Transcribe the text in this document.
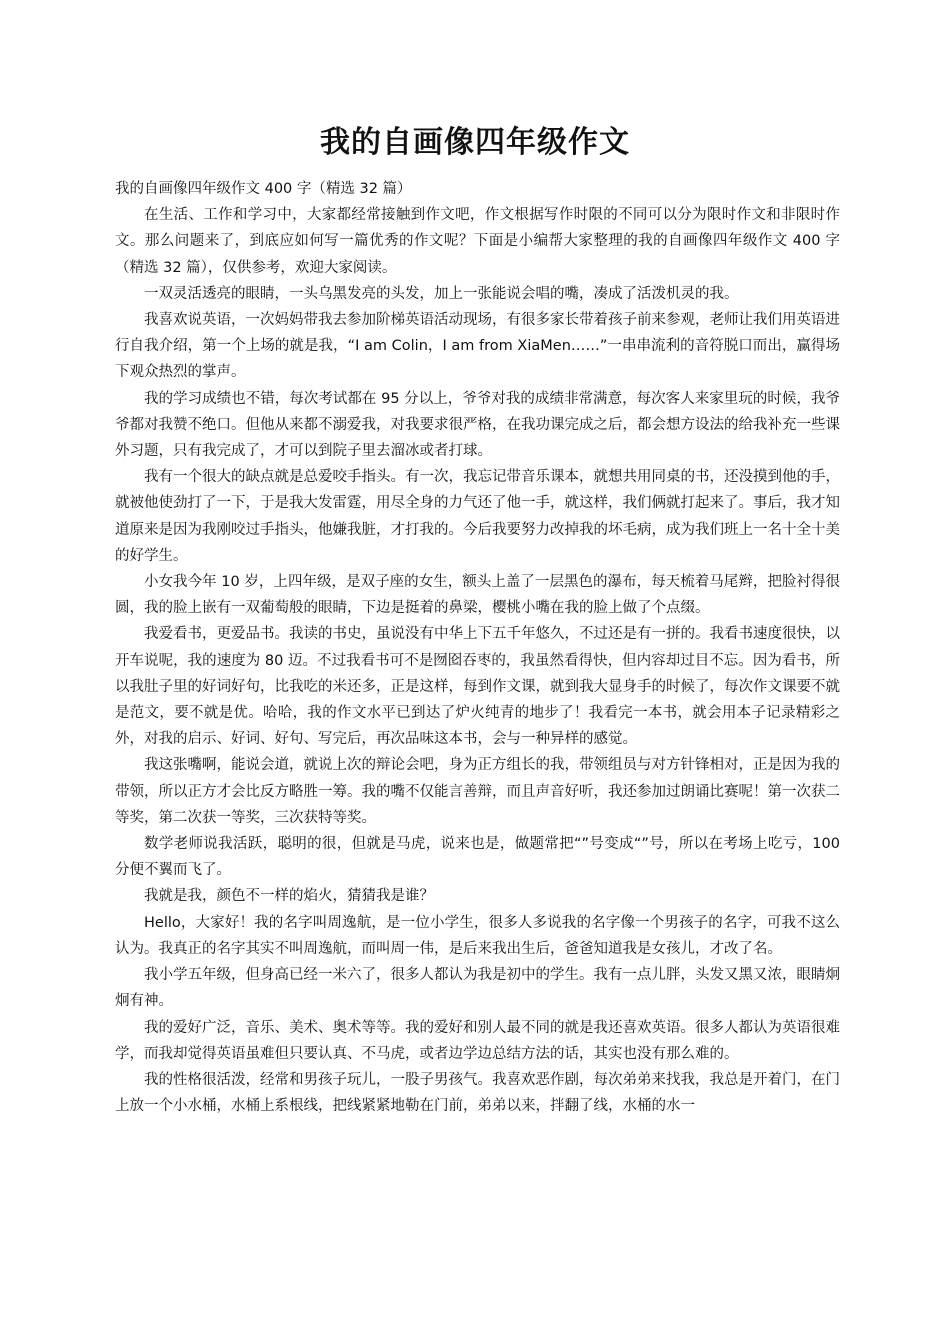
我的自画像四年级作文

我的自画像四年级作文 400 字（精选 32 篇）

在生活、工作和学习中，大家都经常接触到作文吧，作文根据写作时限的不同可以分为限时作文和非限时作文。那么问题来了，到底应如何写一篇优秀的作文呢？下面是小编帮大家整理的我的自画像四年级作文 400 字（精选 32 篇），仅供参考，欢迎大家阅读。

一双灵活透亮的眼睛，一头乌黑发亮的头发，加上一张能说会唱的嘴，凑成了活泼机灵的我。

我喜欢说英语，一次妈妈带我去参加阶梯英语活动现场，有很多家长带着孩子前来参观，老师让我们用英语进行自我介绍，第一个上场的就是我，“I am Colin，I am from XiaMen……”一串串流利的音符脱口而出，赢得场下观众热烈的掌声。

我的学习成绩也不错，每次考试都在 95 分以上，爷爷对我的成绩非常满意，每次客人来家里玩的时候，我爷爷都对我赞不绝口。但他从来都不溺爱我，对我要求很严格，在我功课完成之后，都会想方设法的给我补充一些课外习题，只有我完成了，才可以到院子里去溜冰或者打球。

我有一个很大的缺点就是总爱咬手指头。有一次，我忘记带音乐课本，就想共用同桌的书，还没摸到他的手，就被他使劲打了一下，于是我大发雷霆，用尽全身的力气还了他一手，就这样，我们俩就打起来了。事后，我才知道原来是因为我刚咬过手指头，他嫌我脏，才打我的。今后我要努力改掉我的坏毛病，成为我们班上一名十全十美的好学生。

小女我今年 10 岁，上四年级，是双子座的女生，额头上盖了一层黑色的瀑布，每天梳着马尾辫，把脸衬得很圆，我的脸上嵌有一双葡萄般的眼睛，下边是挺着的鼻梁，樱桃小嘴在我的脸上做了个点缀。

我爱看书，更爱品书。我读的书史，虽说没有中华上下五千年悠久，不过还是有一拼的。我看书速度很快，以开车说呢，我的速度为 80 迈。不过我看书可不是囫囵吞枣的，我虽然看得快，但内容却过目不忘。因为看书，所以我肚子里的好词好句，比我吃的米还多，正是这样，每到作文课，就到我大显身手的时候了，每次作文课要不就是范文，要不就是优。哈哈，我的作文水平已到达了炉火纯青的地步了！我看完一本书，就会用本子记录精彩之外，对我的启示、好词、好句、写完后，再次品味这本书，会与一种异样的感觉。

我这张嘴啊，能说会道，就说上次的辩论会吧，身为正方组长的我，带领组员与对方针锋相对，正是因为我的带领，所以正方才会比反方略胜一筹。我的嘴不仅能言善辩，而且声音好听，我还参加过朗诵比赛呢！第一次获二等奖，第二次获一等奖，三次获特等奖。

数学老师说我活跃，聪明的很，但就是马虎，说来也是，做题常把“”号变成“”号，所以在考场上吃亏，100 分便不翼而飞了。

我就是我，颜色不一样的焰火，猜猜我是谁？

Hello，大家好！我的名字叫周逸航，是一位小学生，很多人多说我的名字像一个男孩子的名字，可我不这么认为。我真正的名字其实不叫周逸航，而叫周一伟，是后来我出生后，爸爸知道我是女孩儿，才改了名。

我小学五年级，但身高已经一米六了，很多人都认为我是初中的学生。我有一点儿胖，头发又黑又浓，眼睛炯炯有神。

我的爱好广泛，音乐、美术、奥术等等。我的爱好和别人最不同的就是我还喜欢英语。很多人都认为英语很难学，而我却觉得英语虽难但只要认真、不马虎，或者边学边总结方法的话，其实也没有那么难的。

我的性格很活泼，经常和男孩子玩儿，一股子男孩气。我喜欢恶作剧，每次弟弟来找我，我总是开着门，在门上放一个小水桶，水桶上系根线，把线紧紧地勒在门前，弟弟以来，拌翻了线，水桶的水一
